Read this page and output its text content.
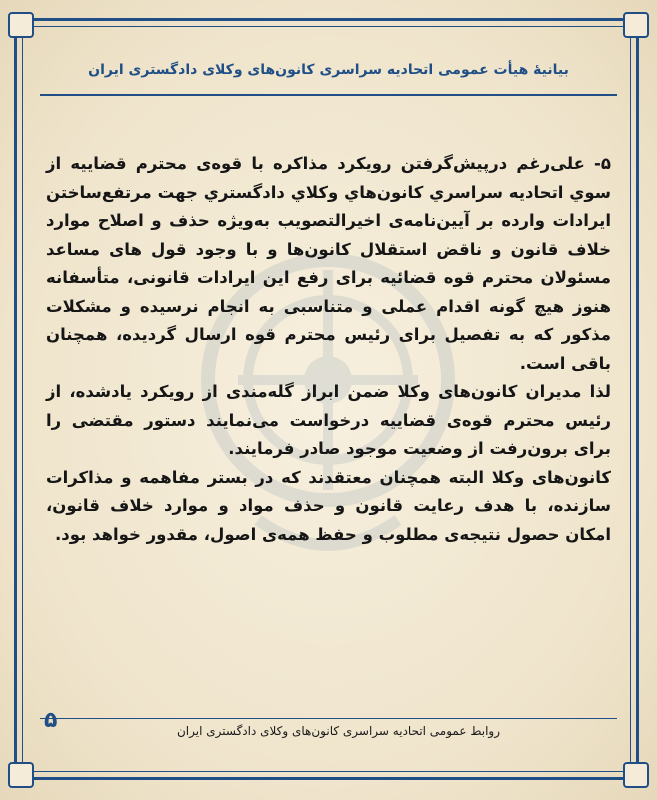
بیانیهٔ هیأت عمومی اتحادیه سراسری کانون‌های وکلای دادگستری ایران

۵- علی‌رغم درپیش‌گرفتن رویکرد مذاکره با قوه‌ی محترم قضاییه از سوي اتحاديه سراسري كانون‌هاي وكلاي دادگستري جهت مرتفع‌ساختن ایرادات وارده بر آیین‌نامه‌ی اخیرالتصویب به‌ویژه حذف و اصلاح موارد خلاف قانون و ناقض استقلال کانون‌ها و با وجود قول های مساعد مسئولان محترم قوه قضائیه برای رفع این ایرادات قانونی، متأسفانه هنوز هیچ گونه اقدام عملی و متناسبی به انجام نرسیده و مشکلات مذکور که به تفصیل برای رئیس محترم قوه ارسال گردیده، همچنان باقی است.

لذا مدیران کانون‌های وکلا ضمن ابراز گله‌مندی از رویکرد یادشده، از رئیس محترم قوه‌ی قضاییه درخواست می‌نمایند دستور مقتضی را برای برون‌رفت از وضعیت موجود صادر فرمایند.

کانون‌های وکلا البته همچنان معتقدند که در بستر مفاهمه و مذاکرات سازنده، با هدف رعایت قانون و حذف مواد و موارد خلاف قانون، امکان حصول نتیجه‌ی مطلوب و حفظ همه‌ی اصول، مقدور خواهد بود.

روابط عمومی اتحادیه سراسری کانون‌های وکلای دادگستری ایران
۵
